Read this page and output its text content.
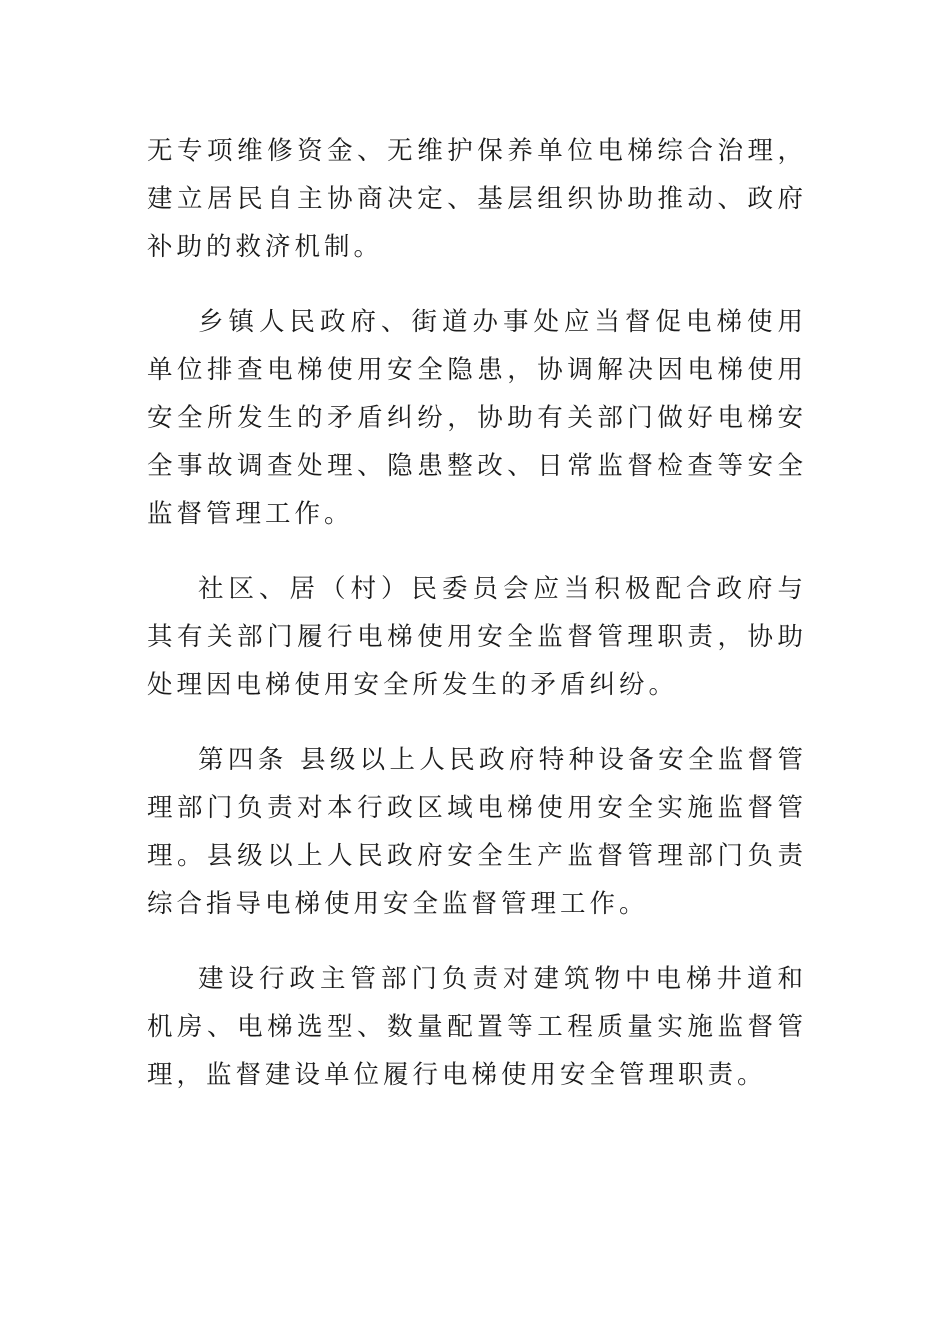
无专项维修资金、无维护保养单位电梯综合治理，建立居民自主协商决定、基层组织协助推动、政府补助的救济机制。

乡镇人民政府、街道办事处应当督促电梯使用单位排查电梯使用安全隐患，协调解决因电梯使用安全所发生的矛盾纠纷，协助有关部门做好电梯安全事故调查处理、隐患整改、日常监督检查等安全监督管理工作。

社区、居（村）民委员会应当积极配合政府与其有关部门履行电梯使用安全监督管理职责，协助处理因电梯使用安全所发生的矛盾纠纷。

第四条 县级以上人民政府特种设备安全监督管理部门负责对本行政区域电梯使用安全实施监督管理。县级以上人民政府安全生产监督管理部门负责综合指导电梯使用安全监督管理工作。

建设行政主管部门负责对建筑物中电梯井道和机房、电梯选型、数量配置等工程质量实施监督管理，监督建设单位履行电梯使用安全管理职责。
